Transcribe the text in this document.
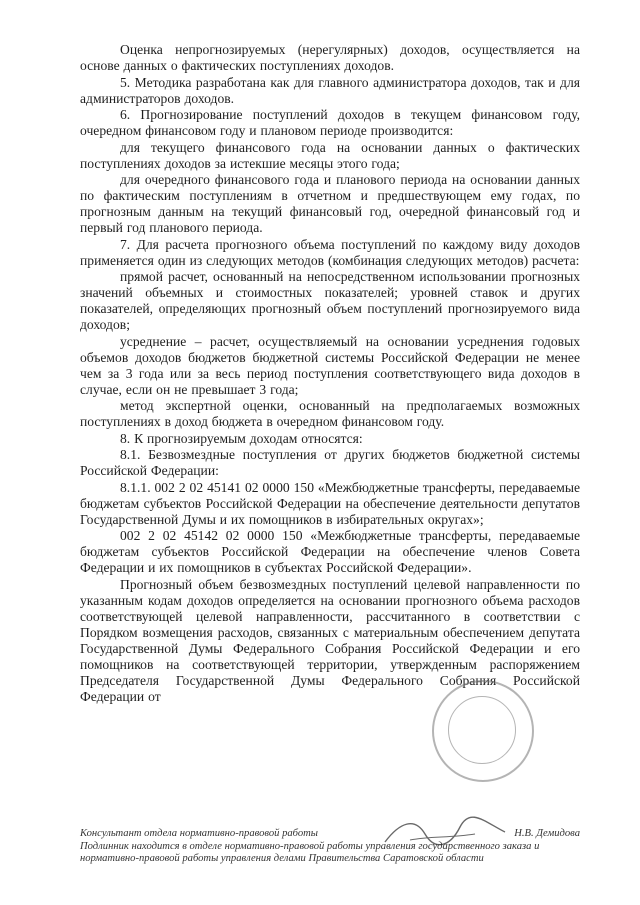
Оценка непрогнозируемых (нерегулярных) доходов, осуществляется на основе данных о фактических поступлениях доходов.

5. Методика разработана как для главного администратора доходов, так и для администраторов доходов.

6. Прогнозирование поступлений доходов в текущем финансовом году, очередном финансовом году и плановом периоде производится:

для текущего финансового года на основании данных о фактических поступлениях доходов за истекшие месяцы этого года;

для очередного финансового года и планового периода на основании данных по фактическим поступлениям в отчетном и предшествующем ему годах, по прогнозным данным на текущий финансовый год, очередной финансовый год и первый год планового периода.

7. Для расчета прогнозного объема поступлений по каждому виду доходов применяется один из следующих методов (комбинация следующих методов) расчета:

прямой расчет, основанный на непосредственном использовании прогнозных значений объемных и стоимостных показателей; уровней ставок и других показателей, определяющих прогнозный объем поступлений прогнозируемого вида доходов;

усреднение – расчет, осуществляемый на основании усреднения годовых объемов доходов бюджетов бюджетной системы Российской Федерации не менее чем за 3 года или за весь период поступления соответствующего вида доходов в случае, если он не превышает 3 года;

метод экспертной оценки, основанный на предполагаемых возможных поступлениях в доход бюджета в очередном финансовом году.

8. К прогнозируемым доходам относятся:

8.1. Безвозмездные поступления от других бюджетов бюджетной системы Российской Федерации:

8.1.1. 002 2 02 45141 02 0000 150 «Межбюджетные трансферты, передаваемые бюджетам субъектов Российской Федерации на обеспечение деятельности депутатов Государственной Думы и их помощников в избирательных округах»;

002 2 02 45142 02 0000 150 «Межбюджетные трансферты, передаваемые бюджетам субъектов Российской Федерации на обеспечение членов Совета Федерации и их помощников в субъектах Российской Федерации».

Прогнозный объем безвозмездных поступлений целевой направленности по указанным кодам доходов определяется на основании прогнозного объема расходов соответствующей целевой направленности, рассчитанного в соответствии с Порядком возмещения расходов, связанных с материальным обеспечением депутата Государственной Думы Федерального Собрания Российской Федерации и его помощников на соответствующей территории, утвержденным распоряжением Председателя Государственной Думы Федерального Собрания Российской Федерации от

Консультант отдела нормативно-правовой работы	Н.В. Демидова
Подлинник находится в отделе нормативно-правовой работы управления государственного заказа и нормативно-правовой работы управления делами Правительства Саратовской области
